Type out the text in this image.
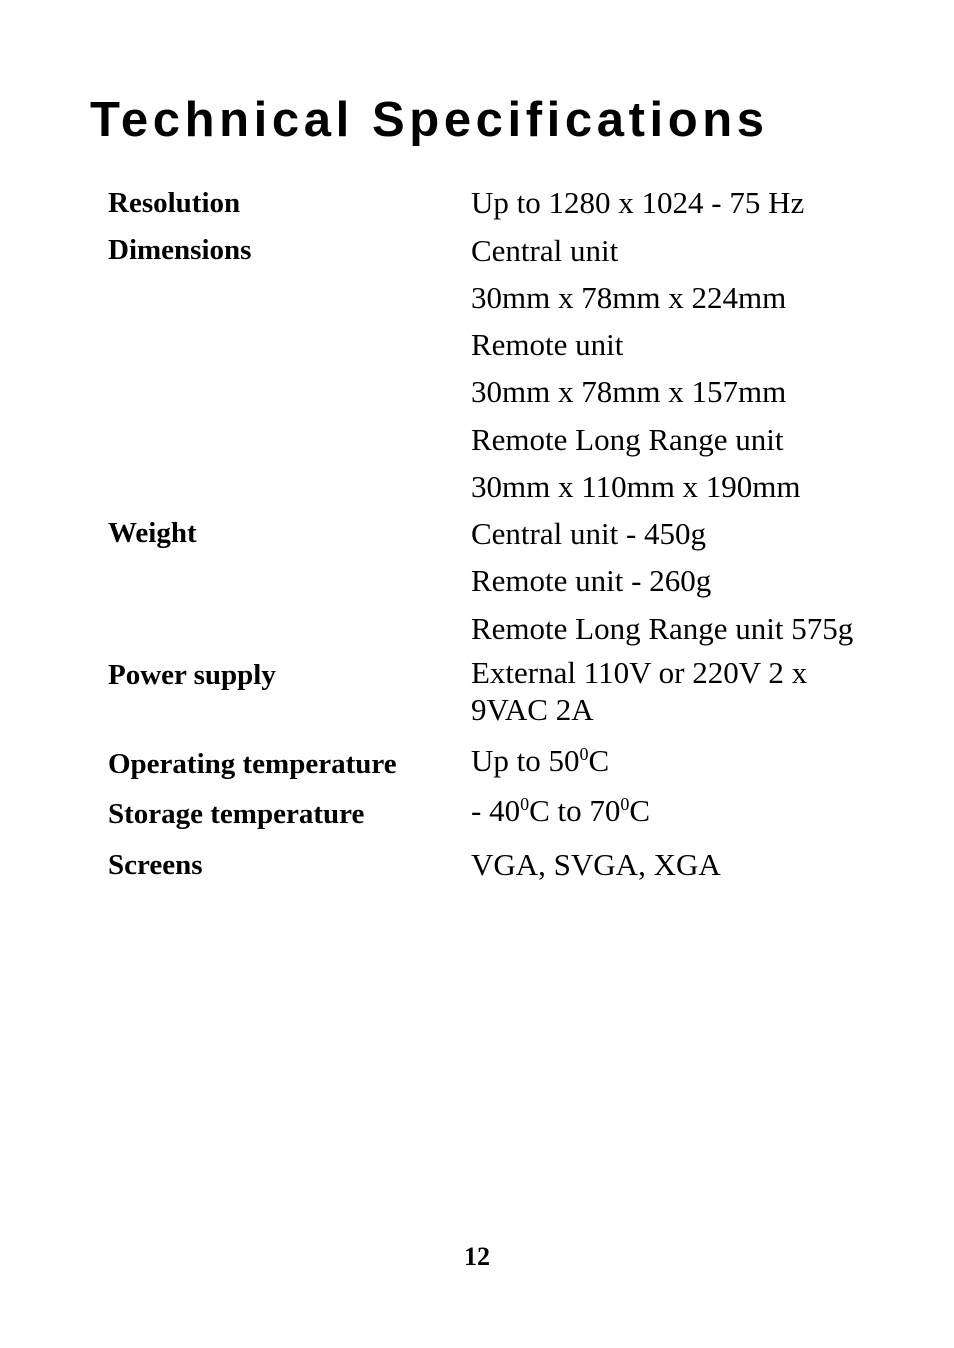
Technical Specifications
Resolution	Up to 1280 x 1024 - 75 Hz
Dimensions	Central unit
30mm x 78mm x 224mm
Remote unit
30mm x 78mm x 157mm
Remote Long Range unit
30mm x 110mm x 190mm
Weight	Central unit - 450g
Remote unit - 260g
Remote Long Range unit 575g
Power supply	External 110V or 220V 2 x
9VAC 2A
Operating temperature Up to $50^0C$
Storage temperature	- $40^0C$ to $70^0C$
Screens	VGA, SVGA, XGA
12
